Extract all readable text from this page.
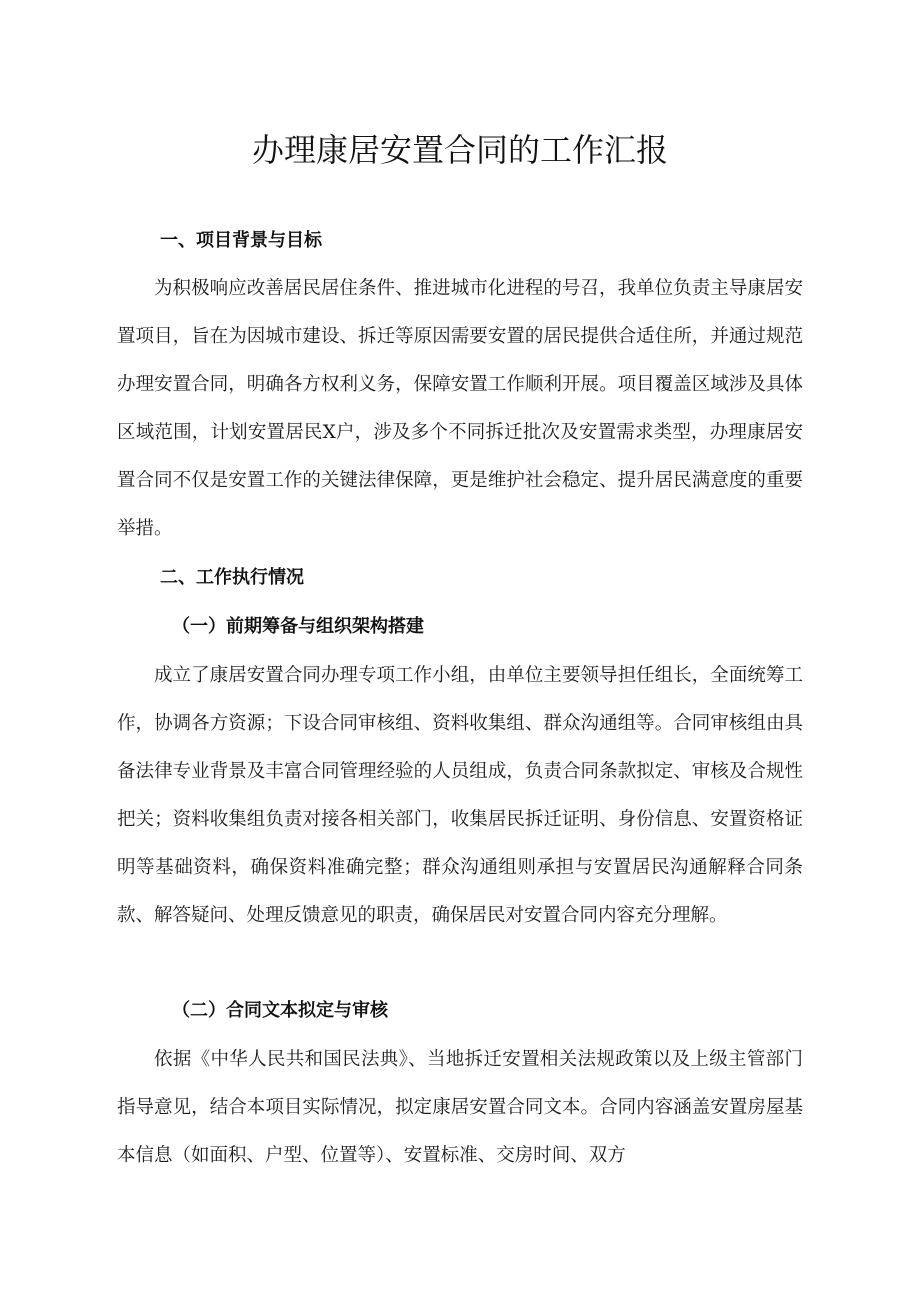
办理康居安置合同的工作汇报
一、项目背景与目标

为积极响应改善居民居住条件、推进城市化进程的号召，我单位负责主导康居安置项目，旨在为因城市建设、拆迁等原因需要安置的居民提供合适住所，并通过规范办理安置合同，明确各方权利义务，保障安置工作顺利开展。项目覆盖区域涉及具体区域范围，计划安置居民X户，涉及多个不同拆迁批次及安置需求类型，办理康居安置合同不仅是安置工作的关键法律保障，更是维护社会稳定、提升居民满意度的重要举措。

二、工作执行情况
（一）前期筹备与组织架构搭建

成立了康居安置合同办理专项工作小组，由单位主要领导担任组长，全面统筹工作，协调各方资源；下设合同审核组、资料收集组、群众沟通组等。合同审核组由具备法律专业背景及丰富合同管理经验的人员组成，负责合同条款拟定、审核及合规性把关；资料收集组负责对接各相关部门，收集居民拆迁证明、身份信息、安置资格证明等基础资料，确保资料准确完整；群众沟通组则承担与安置居民沟通解释合同条款、解答疑问、处理反馈意见的职责，确保居民对安置合同内容充分理解。

（二）合同文本拟定与审核

依据《中华人民共和国民法典》、当地拆迁安置相关法规政策以及上级主管部门指导意见，结合本项目实际情况，拟定康居安置合同文本。合同内容涵盖安置房屋基本信息（如面积、户型、位置等）、安置标准、交房时间、双方
